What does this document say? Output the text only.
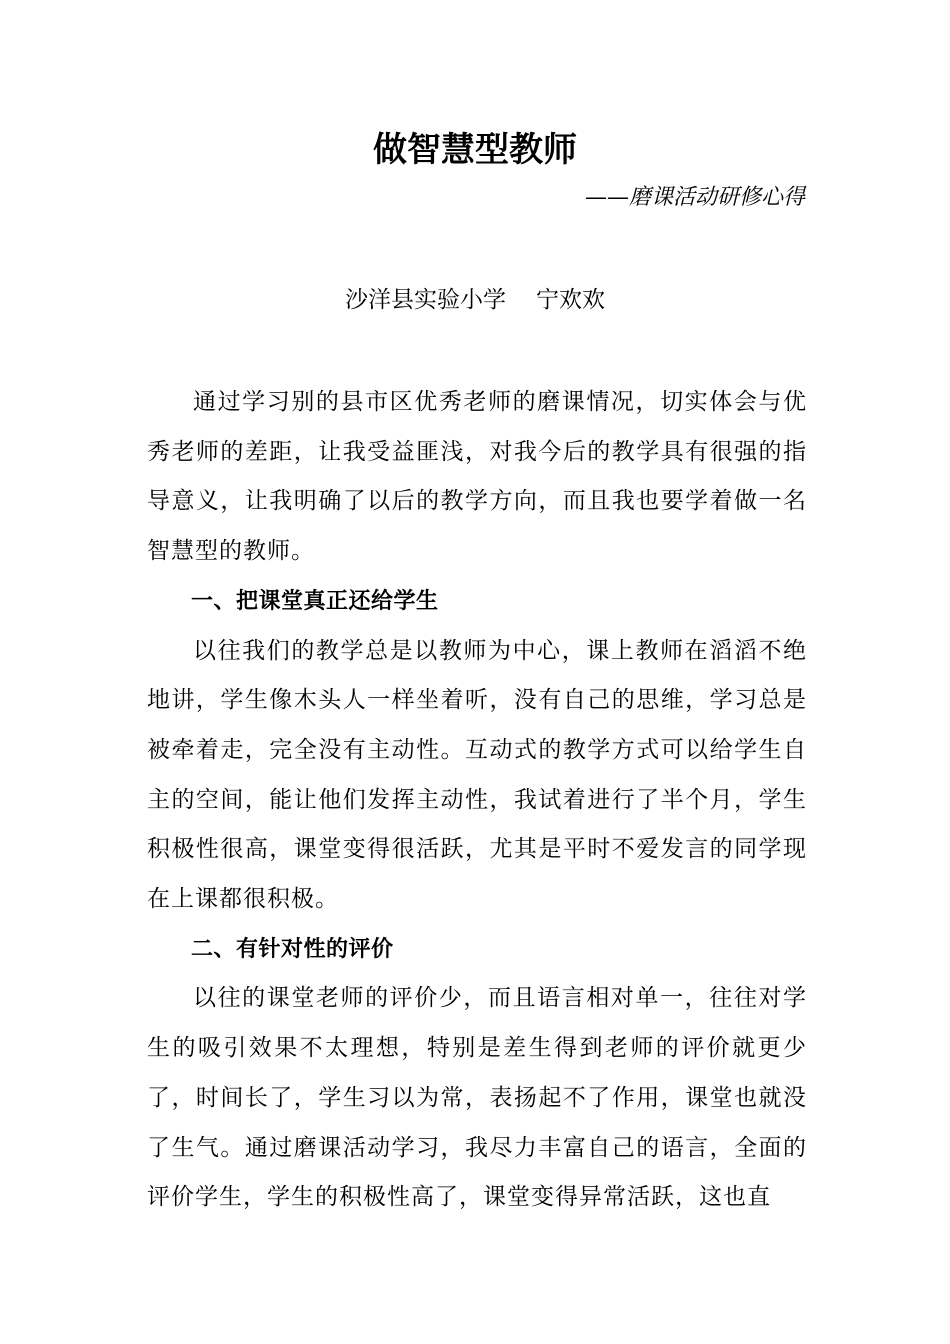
做智慧型教师
——磨课活动研修心得
沙洋县实验小学 宁欢欢

通过学习别的县市区优秀老师的磨课情况，切实体会与优秀老师的差距，让我受益匪浅，对我今后的教学具有很强的指导意义，让我明确了以后的教学方向，而且我也要学着做一名智慧型的教师。

一、把课堂真正还给学生

以往我们的教学总是以教师为中心，课上教师在滔滔不绝地讲，学生像木头人一样坐着听，没有自己的思维，学习总是被牵着走，完全没有主动性。互动式的教学方式可以给学生自主的空间，能让他们发挥主动性，我试着进行了半个月，学生积极性很高，课堂变得很活跃，尤其是平时不爱发言的同学现在上课都很积极。

二、有针对性的评价

以往的课堂老师的评价少，而且语言相对单一，往往对学生的吸引效果不太理想，特别是差生得到老师的评价就更少了，时间长了，学生习以为常，表扬起不了作用，课堂也就没了生气。通过磨课活动学习，我尽力丰富自己的语言，全面的评价学生，学生的积极性高了，课堂变得异常活跃，这也直
